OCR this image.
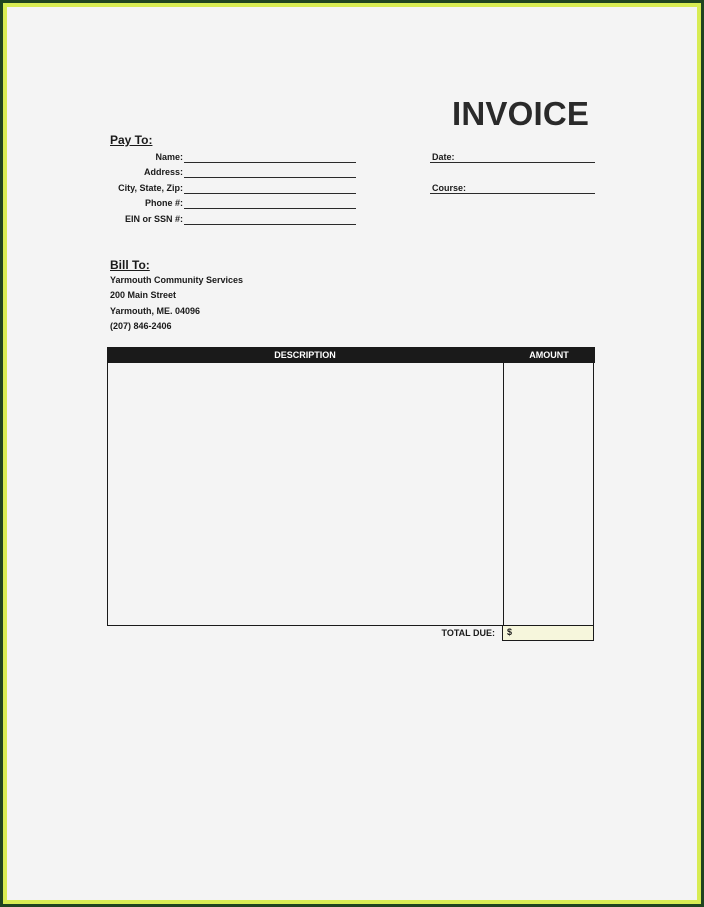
INVOICE
Pay To:
Name:
Address:
City, State, Zip:
Phone #:
EIN or SSN #:
Date:
Course:
Bill To:
Yarmouth Community Services
200 Main Street
Yarmouth, ME. 04096
(207) 846-2406
DESCRIPTION	AMOUNT
TOTAL DUE: $
